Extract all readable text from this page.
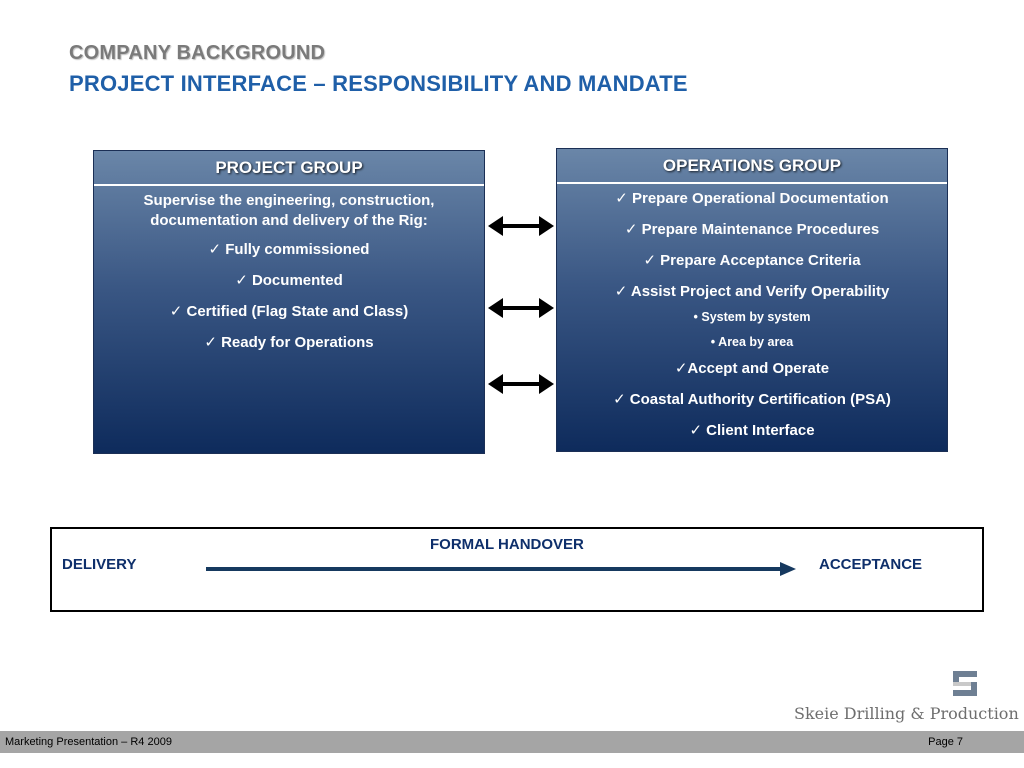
COMPANY BACKGROUND
PROJECT INTERFACE – RESPONSIBILITY AND MANDATE
PROJECT GROUP
Supervise the engineering, construction, documentation and delivery of the Rig:
✓ Fully commissioned
✓ Documented
✓ Certified (Flag State and Class)
✓ Ready for Operations
OPERATIONS GROUP
✓ Prepare Operational Documentation
✓ Prepare Maintenance Procedures
✓ Prepare Acceptance Criteria
✓ Assist Project and Verify Operability
• System by system
• Area by area
✓Accept and Operate
✓ Coastal Authority Certification (PSA)
✓ Client Interface
FORMAL HANDOVER
DELIVERY	ACCEPTANCE
Skeie Drilling & Production
Marketing Presentation – R4 2009	Page 7
